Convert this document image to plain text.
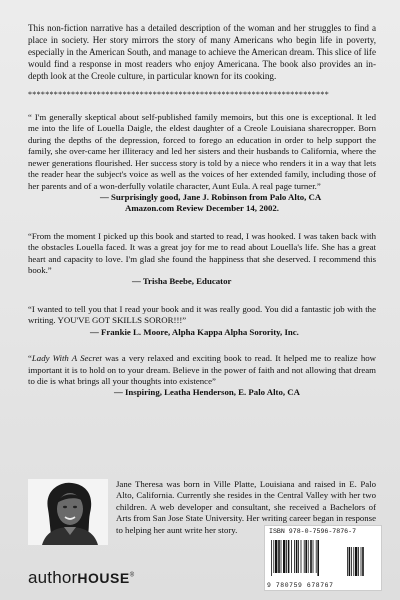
This non-fiction narrative has a detailed description of the woman and her struggles to find a place in society. Her story mirrors the story of many Americans who begin life in poverty, especially in the American South, and manage to achieve the American dream. This slice of life would find a response in most readers who enjoy Americana. The book also provides an in-depth look at the Creole culture, in particular known for its cooking.

**********************************************************************

“ I'm generally skeptical about self-published family memoirs, but this one is exceptional. It led me into the life of Louella Daigle, the eldest daughter of a Creole Louisiana sharecropper. Born during the depths of the depression, forced to forego an education in order to help support the family, she over-came her illiteracy and led her sisters and their husbands to California, where the newer generations flourished. Her success story is told by a niece who renders it in a way that lets the reader hear the subject's voice as well as the voices of her extended family, including those of her parents and of a won-derfully volatile character, Aunt Eula. A real page turner.”

— Surprisingly good, Jane J. Robinson from Palo Alto, CA

Amazon.com Review December 14, 2002.

“From the moment I picked up this book and started to read, I was hooked. I was taken back with the obstacles Louella faced. It was a great joy for me to read about Louella's life. She has a great heart and capacity to love. I'm glad she found the happiness that she deserved. I recommend this book.”

— Trisha Beebe, Educator

“I wanted to tell you that I read your book and it was really good. You did a fantastic job with the writing. YOU'VE GOT SKILLS SOROR!!!”

— Frankie L. Moore, Alpha Kappa Alpha Sorority, Inc.

“Lady With A Secret was a very relaxed and exciting book to read. It helped me to realize how important it is to hold on to your dream. Believe in the power of faith and not allowing that dream to die is what brings all your thoughts into existence”

— Inspiring, Leatha Henderson, E. Palo Alto, CA

Jane Theresa was born in Ville Platte, Louisiana and raised in E. Palo Alto, California. Currently she resides in the Central Valley with her two children. A web developer and consultant, she received a Bachelors of Arts from San Jose State University. Her writing career began in response to helping her aunt write her story.

authorHOUSE®
ISBN 978-0-7596-7876-7
9 780759 678767
